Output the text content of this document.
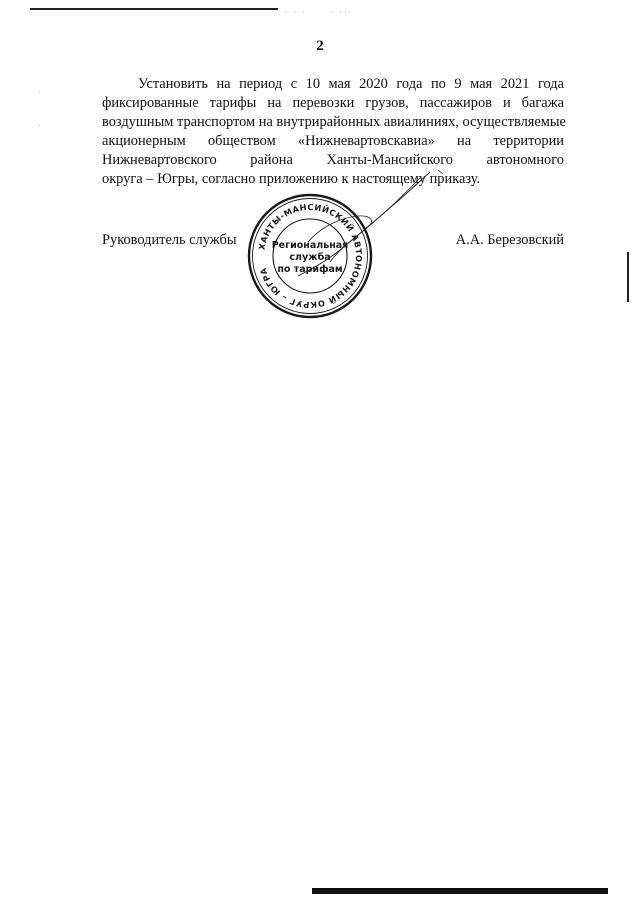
· ‧ ·      ‧ ·‧·
·

·
2
Установить на период с 10 мая 2020 года по 9 мая 2021 года
фиксированные тарифы на перевозки грузов, пассажиров и багажа
воздушным транспортом на внутрирайонных авиалиниях, осуществляемые
акционерным обществом «Нижневартовскавиа» на территории
Нижневартовского района Ханты-Мансийского автономного
округа – Югры, согласно приложению к настоящему приказу.
ХАНТЫ-МАНСИЙСКИЙ АВТОНОМНЫЙ ОКРУГ – ЮГРА
Региональная
служба
по тарифам
Руководитель службы	А.А. Березовский
